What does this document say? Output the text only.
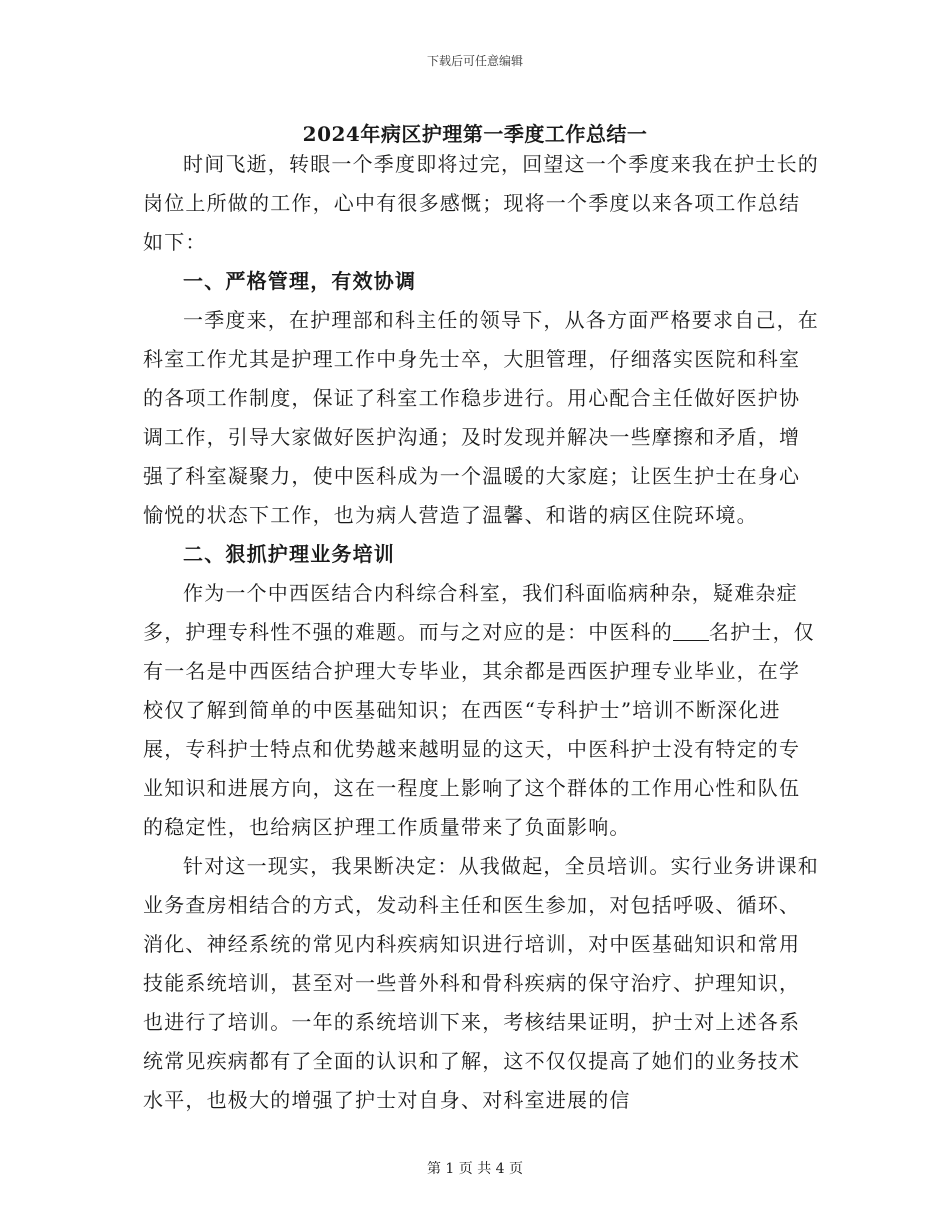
下载后可任意编辑
2024年病区护理第一季度工作总结一

时间飞逝，转眼一个季度即将过完，回望这一个季度来我在护士长的岗位上所做的工作，心中有很多感慨；现将一个季度以来各项工作总结如下：

一、严格管理，有效协调

一季度来，在护理部和科主任的领导下，从各方面严格要求自己，在科室工作尤其是护理工作中身先士卒，大胆管理，仔细落实医院和科室的各项工作制度，保证了科室工作稳步进行。用心配合主任做好医护协调工作，引导大家做好医护沟通；及时发现并解决一些摩擦和矛盾，增强了科室凝聚力，使中医科成为一个温暖的大家庭；让医生护士在身心愉悦的状态下工作，也为病人营造了温馨、和谐的病区住院环境。

二、狠抓护理业务培训

作为一个中西医结合内科综合科室，我们科面临病种杂，疑难杂症多，护理专科性不强的难题。而与之对应的是：中医科的 名护士，仅有一名是中西医结合护理大专毕业，其余都是西医护理专业毕业，在学校仅了解到简单的中医基础知识；在西医“专科护士”培训不断深化进展，专科护士特点和优势越来越明显的这天，中医科护士没有特定的专业知识和进展方向，这在一程度上影响了这个群体的工作用心性和队伍的稳定性，也给病区护理工作质量带来了负面影响。

针对这一现实，我果断决定：从我做起，全员培训。实行业务讲课和业务查房相结合的方式，发动科主任和医生参加，对包括呼吸、循环、消化、神经系统的常见内科疾病知识进行培训，对中医基础知识和常用技能系统培训，甚至对一些普外科和骨科疾病的保守治疗、护理知识，也进行了培训。一年的系统培训下来，考核结果证明，护士对上述各系统常见疾病都有了全面的认识和了解，这不仅仅提高了她们的业务技术水平，也极大的增强了护士对自身、对科室进展的信

第 1 页 共 4 页
